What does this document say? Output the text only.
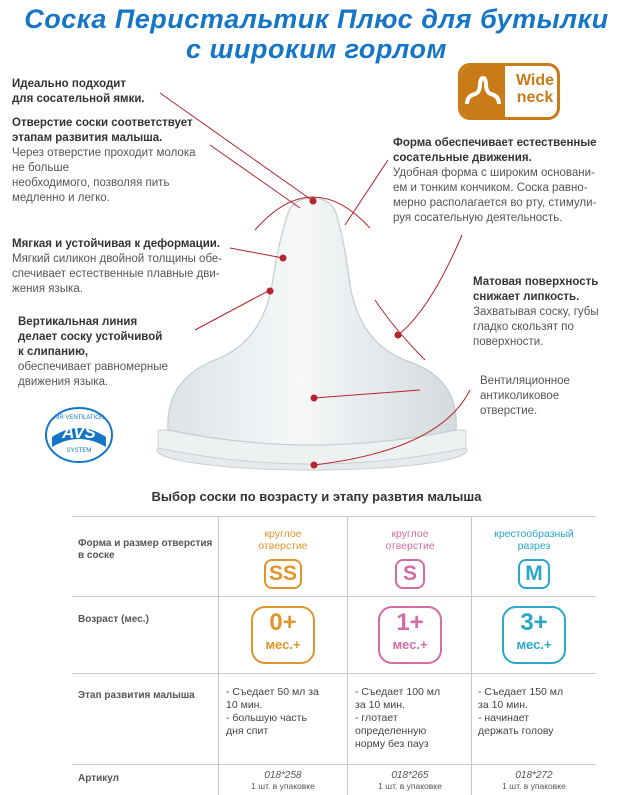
Соска Перистальтик Плюс для бутылки
с широким горлом
Wide
neck
Идеально подходит
для сосательной ямки.
Отверстие соски соответствует
этапам развития малыша.
Через отверстие проходит молока
не больше
необходимого, позволяя пить
медленно и легко.
Мягкая и устойчивая к деформации.
Мягкий силикон двойной толщины обе-
спечивает естественные плавные дви-
жения языка.
Вертикальная линия
делает соску устойчивой
к слипанию,
обеспечивает равномерные
движения языка.
Форма обеспечивает естественные
сосательные движения.
Удобная форма с широким основани-
ем и тонким кончиком. Соска равно-
мерно располагается во рту, стимули-
руя сосательную деятельность.
Матовая поверхность
снижает липкость.
Захватывая соску, губы
гладко скользят по
поверхности.
Вентиляционное
антиколиковое
отверстие.
AIR VENTILATION
AVS TM
SYSTEM
Выбор соски по возрасту и этапу развтия малыша
Форма и размер отверстия в соске
Возраст (мес.)
Этап развития малыша
Артикул
круглое
отверстие
SS
0+
мес.+
- Съедает 50 мл за
10 мин.
- большую часть
дня спит
018*258
1 шт. в упаковке
круглое
отверстие
S
1+
мес.+
- Съедает 100 мл
за 10 мин.
- глотает
определенную
норму без пауз
018*265
1 шт. в упаковке
крестообразный
разрез
M
3+
мес.+
- Съедает 150 мл
за 10 мин.
- начинает
держать голову
018*272
1 шт. в упаковке
